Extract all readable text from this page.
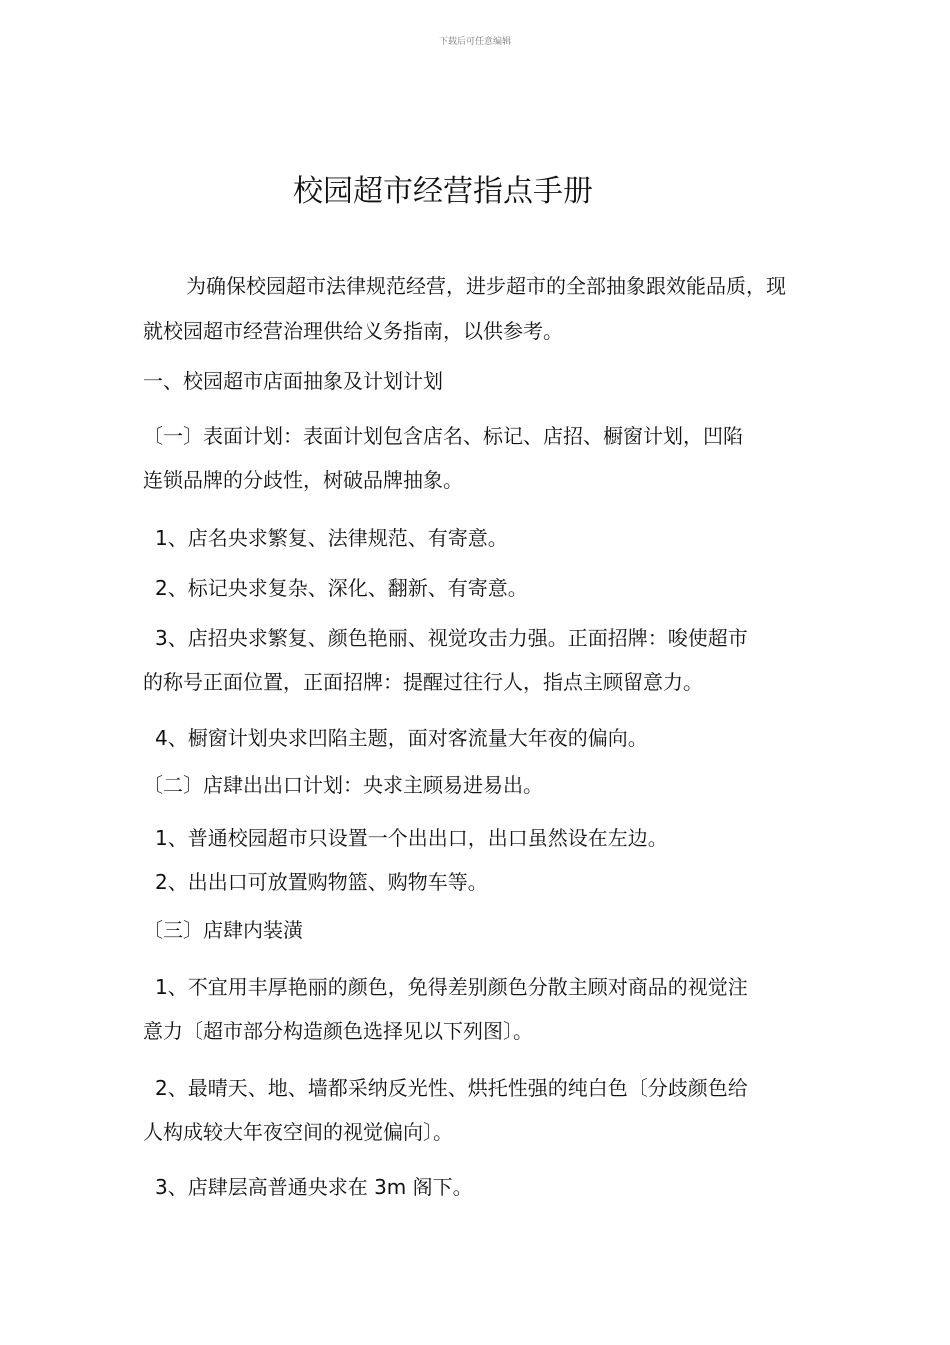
下载后可任意编辑
校园超市经营指点手册
为确保校园超市法律规范经营，进步超市的全部抽象跟效能品质，现
就校园超市经营治理供给义务指南，以供参考。
一、校园超市店面抽象及计划计划
〔一〕表面计划：表面计划包含店名、标记、店招、橱窗计划，凹陷
连锁品牌的分歧性，树破品牌抽象。
1、店名央求繁复、法律规范、有寄意。
2、标记央求复杂、深化、翻新、有寄意。
3、店招央求繁复、颜色艳丽、视觉攻击力强。正面招牌：唆使超市
的称号正面位置，正面招牌：提醒过往行人，指点主顾留意力。
4、橱窗计划央求凹陷主题，面对客流量大年夜的偏向。
〔二〕店肆出出口计划：央求主顾易进易出。
1、普通校园超市只设置一个出出口，出口虽然设在左边。
2、出出口可放置购物篮、购物车等。
〔三〕店肆内装潢
1、不宜用丰厚艳丽的颜色，免得差别颜色分散主顾对商品的视觉注
意力〔超市部分构造颜色选择见以下列图〕。
2、最晴天、地、墙都采纳反光性、烘托性强的纯白色〔分歧颜色给
人构成较大年夜空间的视觉偏向〕。
3、店肆层高普通央求在 3m 阁下。
